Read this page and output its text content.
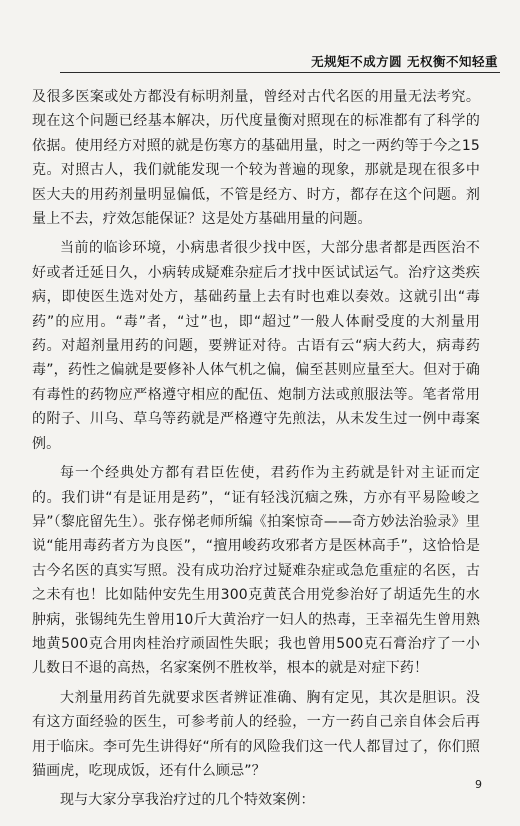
无规矩不成方圆 无权衡不知轻重

及很多医案或处方都没有标明剂量，曾经对古代名医的用量无法考究。现在这个问题已经基本解决，历代度量衡对照现在的标准都有了科学的依据。使用经方对照的就是伤寒方的基础用量，时之一两约等于今之15克。对照古人，我们就能发现一个较为普遍的现象，那就是现在很多中医大夫的用药剂量明显偏低，不管是经方、时方，都存在这个问题。剂量上不去，疗效怎能保证？这是处方基础用量的问题。

当前的临诊环境，小病患者很少找中医，大部分患者都是西医治不好或者迁延日久，小病转成疑难杂症后才找中医试试运气。治疗这类疾病，即使医生选对处方，基础药量上去有时也难以奏效。这就引出“毒药”的应用。“毒”者，“过”也，即“超过”一般人体耐受度的大剂量用药。对超剂量用药的问题，要辨证对待。古语有云“病大药大，病毒药毒”，药性之偏就是要修补人体气机之偏，偏至甚则应量至大。但对于确有毒性的药物应严格遵守相应的配伍、炮制方法或煎服法等。笔者常用的附子、川乌、草乌等药就是严格遵守先煎法，从未发生过一例中毒案例。

每一个经典处方都有君臣佐使，君药作为主药就是针对主证而定的。我们讲“有是证用是药”，“证有轻浅沉痼之殊，方亦有平易险峻之异”（黎庇留先生）。张存悌老师所编《拍案惊奇——奇方妙法治验录》里说“能用毒药者方为良医”，“擅用峻药攻邪者方是医林高手”，这恰恰是古今名医的真实写照。没有成功治疗过疑难杂症或急危重症的名医，古之未有也！比如陆仲安先生用300克黄芪合用党参治好了胡适先生的水肿病，张锡纯先生曾用10斤大黄治疗一妇人的热毒，王幸福先生曾用熟地黄500克合用肉桂治疗顽固性失眠；我也曾用500克石膏治疗了一小儿数日不退的高热，名家案例不胜枚举，根本的就是对症下药！

大剂量用药首先就要求医者辨证准确、胸有定见，其次是胆识。没有这方面经验的医生，可参考前人的经验，一方一药自己亲自体会后再用于临床。李可先生讲得好“所有的风险我们这一代人都冒过了，你们照猫画虎，吃现成饭，还有什么顾忌”？

现与大家分享我治疗过的几个特效案例：

9
